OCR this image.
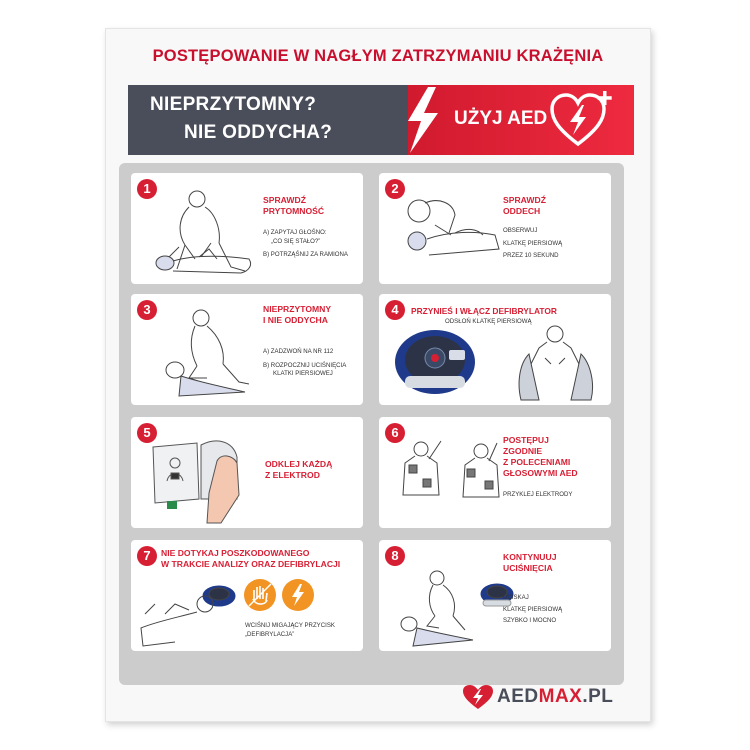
POSTĘPOWANIE W NAGŁYM ZATRZYMANIU KRAŻĘNIA
NIEPRZYTOMNY?
NIE ODDYCHA?
UŻYJ AED
1
SPRAWDŹ
PRYTOMNOŚĆ
A) ZAPYTAJ GŁOŚNO:
„CO SIĘ STAŁO?”
B) POTRZĄŚNIJ ZA RAMIONA
2
SPRAWDŹ
ODDECH
OBSERWUJ
KLATKĘ PIERSIOWĄ
PRZEZ 10 SEKUND
3	NIEPRZYTOMNY
I NIE ODDYCHA
A) ZADZWOŃ NA NR 112
B) ROZPOCZNIJ UCIŚNIĘCIA
KLATKI PIERSIOWEJ
4	PRZYNIEŚ I WŁĄCZ DEFIBRYLATOR
ODSŁOŃ KLATKĘ PIERSIOWĄ
5
ODKLEJ KAŻDĄ
Z ELEKTROD
6	POSTĘPUJ
ZGODNIE
Z POLECENIAMI
GŁOSOWYMI AED
PRZYKLEJ ELEKTRODY
7	NIE DOTYKAJ POSZKODOWANEGO
W TRAKCIE ANALIZY ORAZ DEFIBRYLACJI
WCIŚNIJ MIGAJĄCY PRZYCISK
„DEFIBRYLACJA”
8	KONTYNUUJ
UCIŚNIĘCIA
UCISKAJ
KLATKĘ PIERSIOWĄ
SZYBKO I MOCNO
AEDMAX.PL
